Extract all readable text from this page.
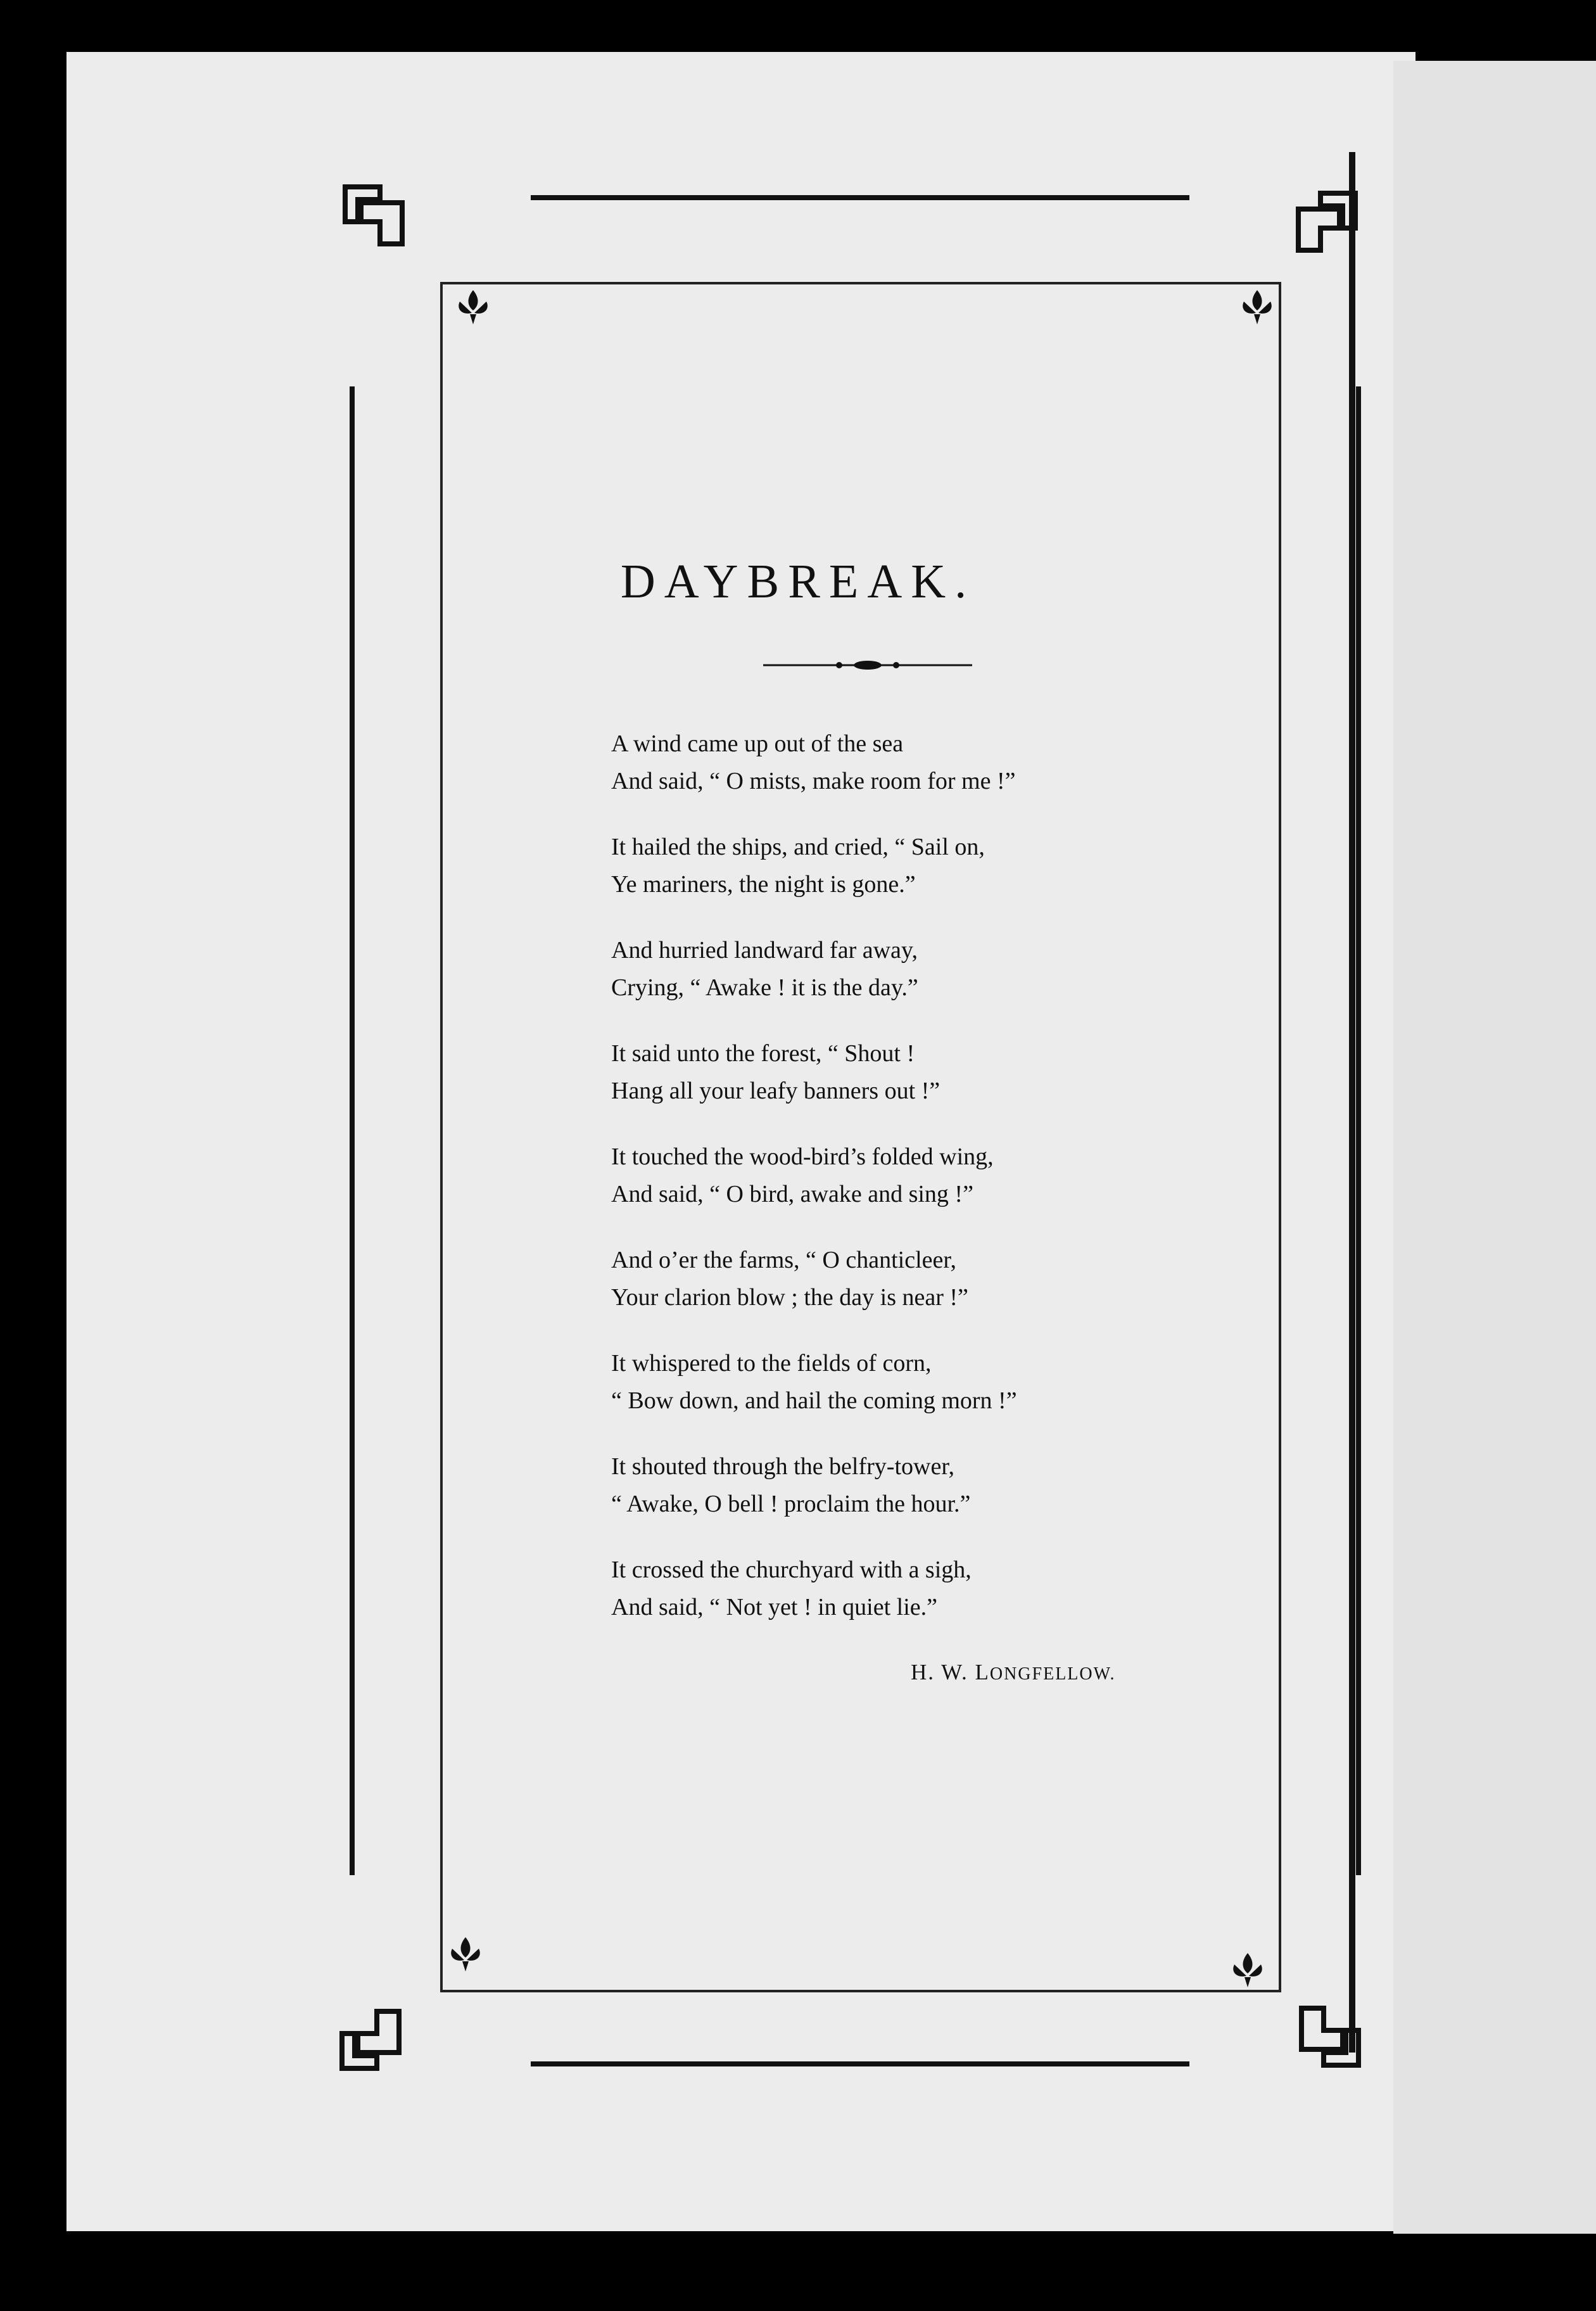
DAYBREAK.
A wind came up out of the sea
And said, “ O mists, make room for me !”
It hailed the ships, and cried, “ Sail on,
Ye mariners, the night is gone.”
And hurried landward far away,
Crying, “ Awake ! it is the day.”
It said unto the forest, “ Shout !
Hang all your leafy banners out !”
It touched the wood-bird’s folded wing,
And said, “ O bird, awake and sing !”
And o’er the farms, “ O chanticleer,
Your clarion blow ; the day is near !”
It whispered to the fields of corn,
“ Bow down, and hail the coming morn !”
It shouted through the belfry-tower,
“ Awake, O bell ! proclaim the hour.”
It crossed the churchyard with a sigh,
And said, “ Not yet ! in quiet lie.”
H. W. LONGFELLOW.
